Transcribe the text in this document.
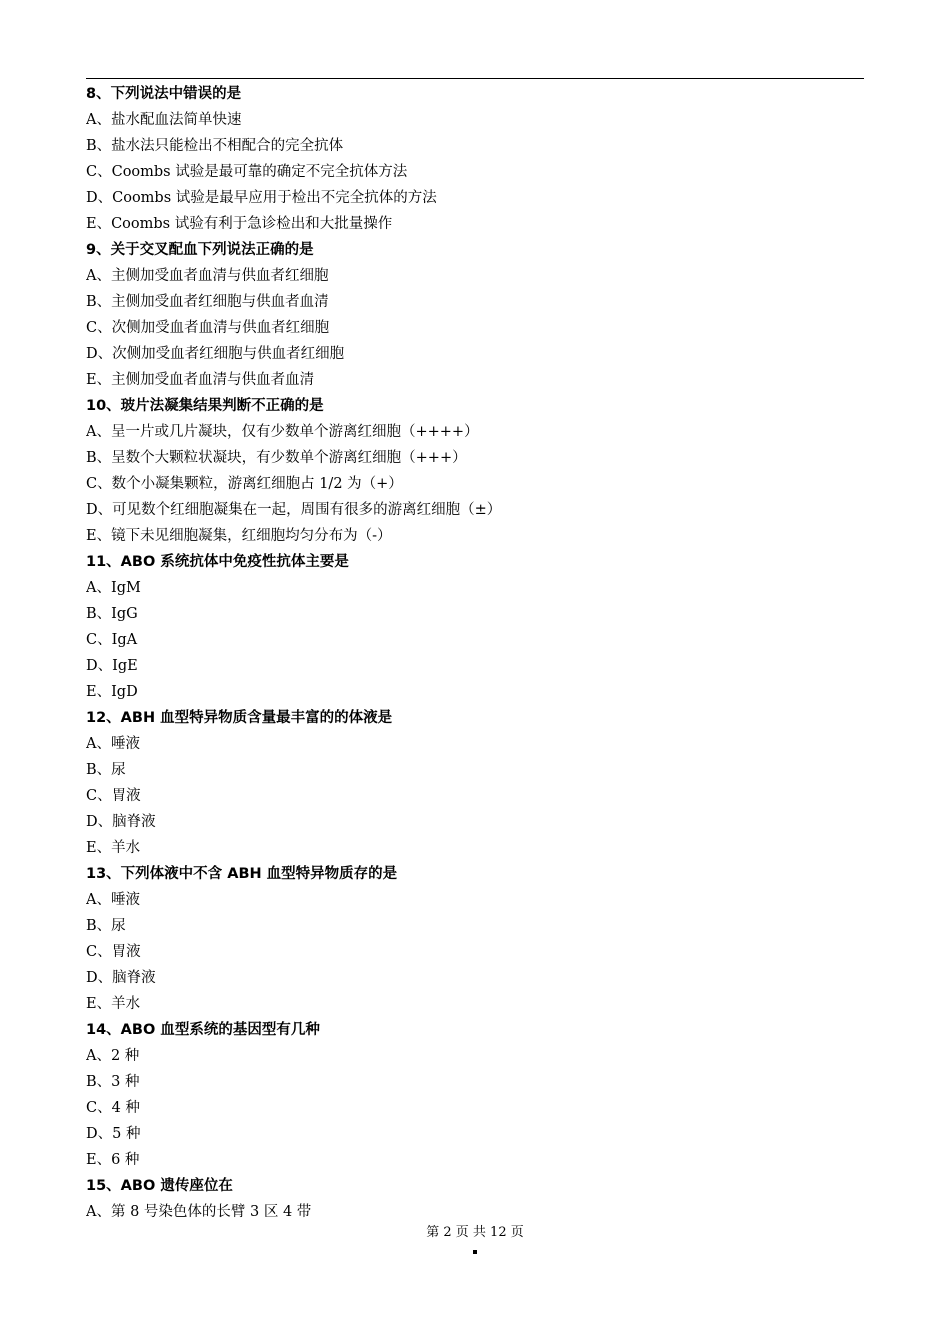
8、下列说法中错误的是
A、盐水配血法简单快速
B、盐水法只能检出不相配合的完全抗体
C、Coombs 试验是最可靠的确定不完全抗体方法
D、Coombs 试验是最早应用于检出不完全抗体的方法
E、Coombs 试验有利于急诊检出和大批量操作
9、关于交叉配血下列说法正确的是
A、主侧加受血者血清与供血者红细胞
B、主侧加受血者红细胞与供血者血清
C、次侧加受血者血清与供血者红细胞
D、次侧加受血者红细胞与供血者红细胞
E、主侧加受血者血清与供血者血清
10、玻片法凝集结果判断不正确的是
A、呈一片或几片凝块，仅有少数单个游离红细胞（++++）
B、呈数个大颗粒状凝块，有少数单个游离红细胞（+++）
C、数个小凝集颗粒，游离红细胞占 1/2 为（+）
D、可见数个红细胞凝集在一起，周围有很多的游离红细胞（±）
E、镜下未见细胞凝集，红细胞均匀分布为（-）
11、ABO 系统抗体中免疫性抗体主要是
A、IgM
B、IgG
C、IgA
D、IgE
E、IgD
12、ABH 血型特异物质含量最丰富的的体液是
A、唾液
B、尿
C、胃液
D、脑脊液
E、羊水
13、下列体液中不含 ABH 血型特异物质存的是
A、唾液
B、尿
C、胃液
D、脑脊液
E、羊水
14、ABO 血型系统的基因型有几种
A、2 种
B、3 种
C、4 种
D、5 种
E、6 种
15、ABO 遗传座位在
A、第 8 号染色体的长臂 3 区 4 带
第 2 页 共 12 页
